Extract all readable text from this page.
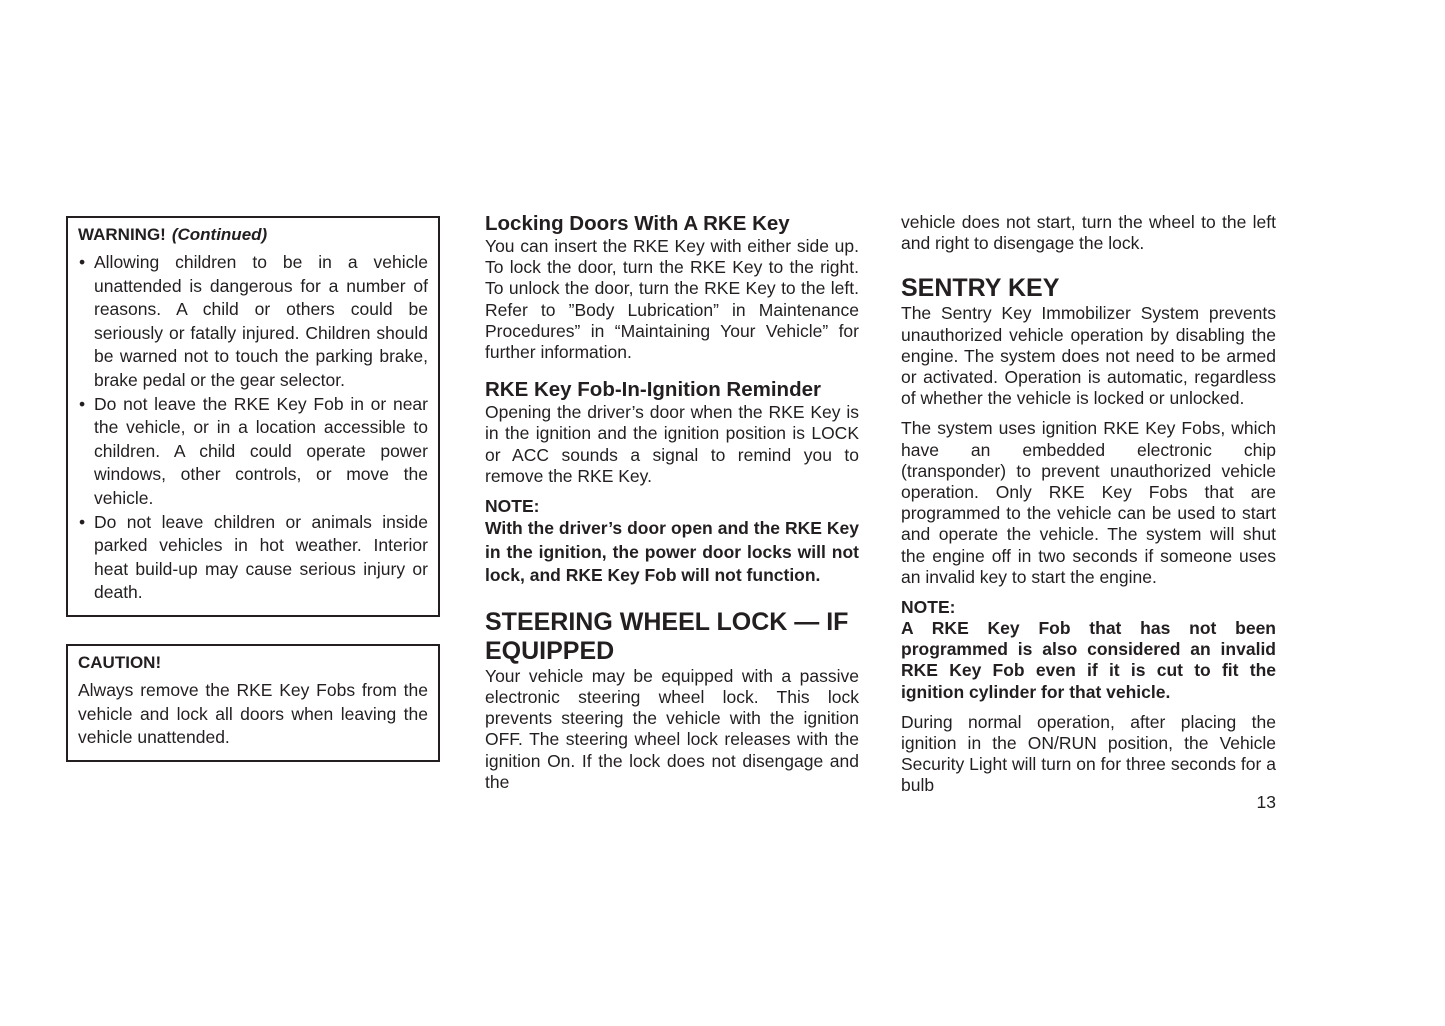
WARNING! (Continued)
• Allowing children to be in a vehicle unattended is dangerous for a number of reasons. A child or others could be seriously or fatally injured. Children should be warned not to touch the parking brake, brake pedal or the gear selector.
• Do not leave the RKE Key Fob in or near the vehicle, or in a location accessible to children. A child could operate power windows, other controls, or move the vehicle.
• Do not leave children or animals inside parked vehicles in hot weather. Interior heat build-up may cause serious injury or death.
CAUTION!

Always remove the RKE Key Fobs from the vehicle and lock all doors when leaving the vehicle unattended.

Locking Doors With A RKE Key

You can insert the RKE Key with either side up. To lock the door, turn the RKE Key to the right. To unlock the door, turn the RKE Key to the left. Refer to ”Body Lubrication” in Maintenance Procedures” in “Maintaining Your Vehicle” for further information.

RKE Key Fob-In-Ignition Reminder

Opening the driver’s door when the RKE Key is in the ignition and the ignition position is LOCK or ACC sounds a signal to remind you to remove the RKE Key.

NOTE:

With the driver’s door open and the RKE Key in the ignition, the power door locks will not lock, and RKE Key Fob will not function.

STEERING WHEEL LOCK — IF EQUIPPED

Your vehicle may be equipped with a passive electronic steering wheel lock. This lock prevents steering the vehicle with the ignition OFF. The steering wheel lock releases with the ignition On. If the lock does not disengage and the

vehicle does not start, turn the wheel to the left and right to disengage the lock.

SENTRY KEY

The Sentry Key Immobilizer System prevents unauthorized vehicle operation by disabling the engine. The system does not need to be armed or activated. Operation is automatic, regardless of whether the vehicle is locked or unlocked.

The system uses ignition RKE Key Fobs, which have an embedded electronic chip (transponder) to prevent unauthorized vehicle operation. Only RKE Key Fobs that are programmed to the vehicle can be used to start and operate the vehicle. The system will shut the engine off in two seconds if someone uses an invalid key to start the engine.

NOTE:

A RKE Key Fob that has not been programmed is also considered an invalid RKE Key Fob even if it is cut to fit the ignition cylinder for that vehicle.

During normal operation, after placing the ignition in the ON/RUN position, the Vehicle Security Light will turn on for three seconds for a bulb

13
